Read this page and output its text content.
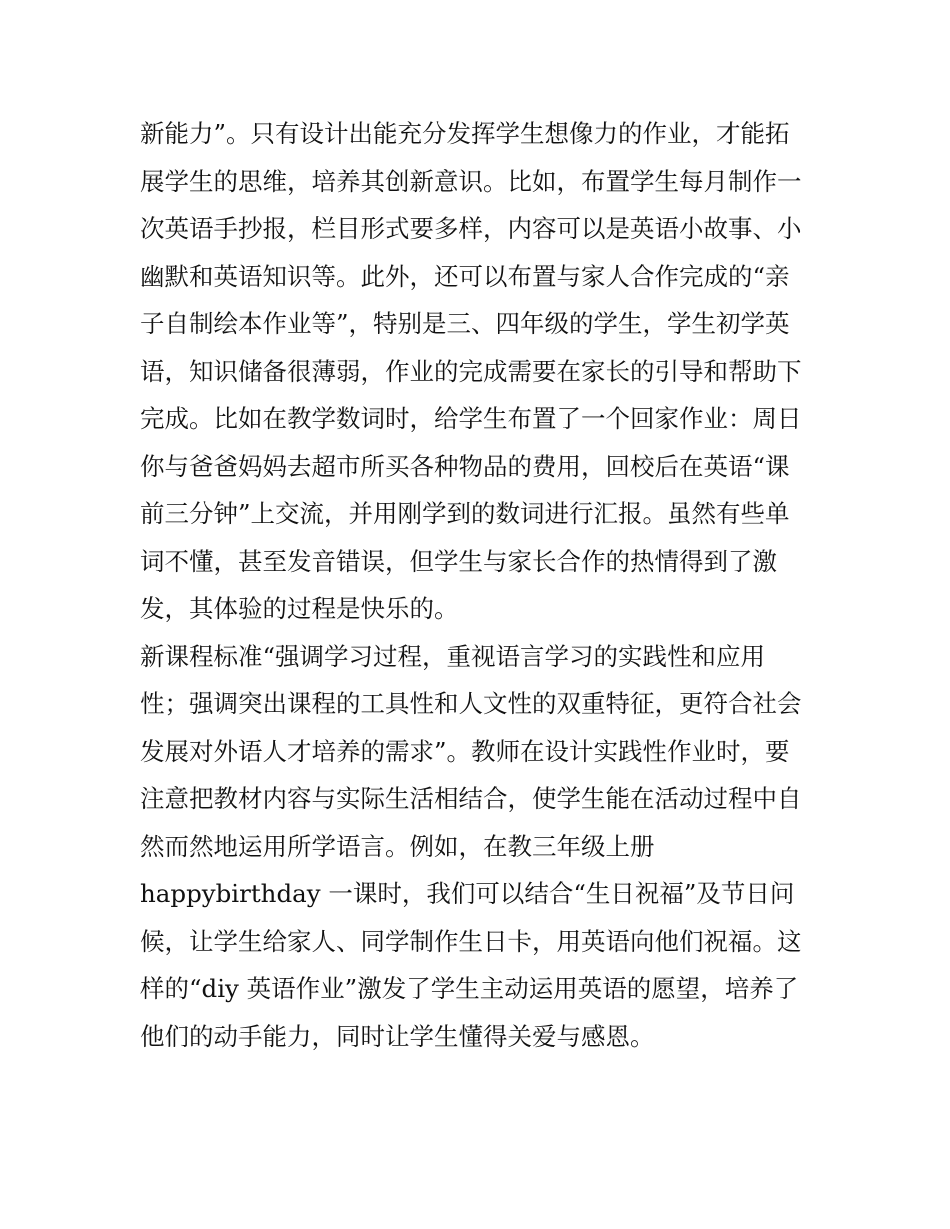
新能力”。只有设计出能充分发挥学生想像力的作业，才能拓
展学生的思维，培养其创新意识。比如，布置学生每月制作一
次英语手抄报，栏目形式要多样，内容可以是英语小故事、小
幽默和英语知识等。此外，还可以布置与家人合作完成的“亲
子自制绘本作业等”，特别是三、四年级的学生，学生初学英
语，知识储备很薄弱，作业的完成需要在家长的引导和帮助下
完成。比如在教学数词时，给学生布置了一个回家作业：周日
你与爸爸妈妈去超市所买各种物品的费用，回校后在英语“课
前三分钟”上交流，并用刚学到的数词进行汇报。虽然有些单
词不懂，甚至发音错误，但学生与家长合作的热情得到了激
发，其体验的过程是快乐的。
新课程标准“强调学习过程，重视语言学习的实践性和应用
性；强调突出课程的工具性和人文性的双重特征，更符合社会
发展对外语人才培养的需求”。教师在设计实践性作业时，要
注意把教材内容与实际生活相结合，使学生能在活动过程中自
然而然地运用所学语言。例如，在教三年级上册
happybirthday 一课时，我们可以结合“生日祝福”及节日问
候，让学生给家人、同学制作生日卡，用英语向他们祝福。这
样的“diy 英语作业”激发了学生主动运用英语的愿望，培养了
他们的动手能力，同时让学生懂得关爱与感恩。
